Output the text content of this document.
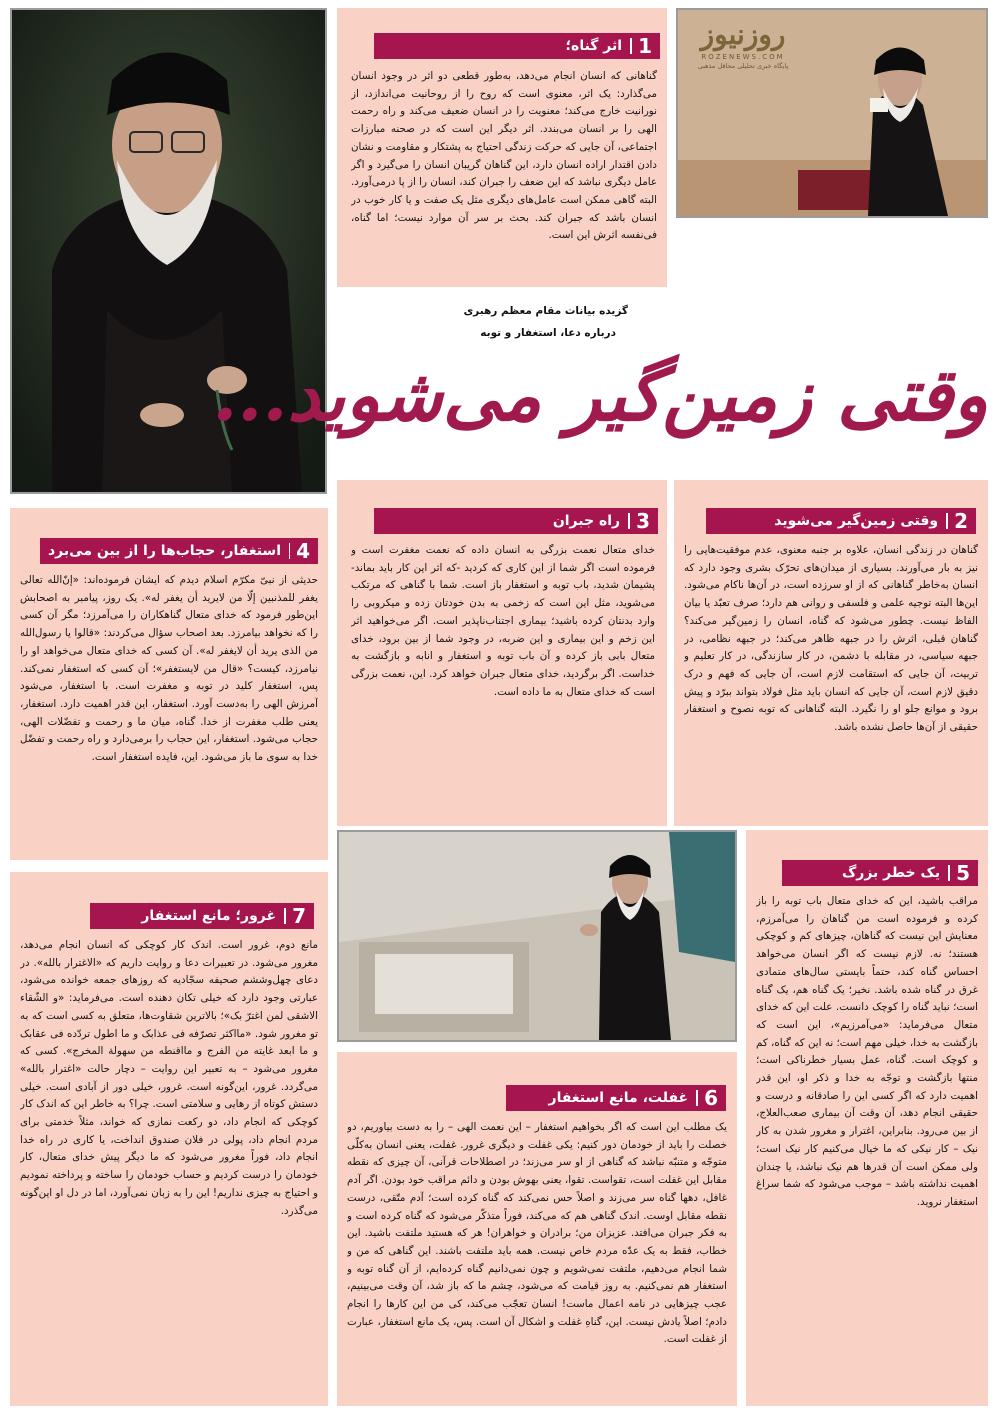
روزنیوز
ROZENEWS.COM
پایگاه خبری تحلیلی محافل مذهبی
1
اثر گناه؛
گناهانی که انسان انجام می‌دهد، به‌طور قطعی دو اثر در وجود انسان می‌گذارد: یک اثر، معنوی است که روح را از روحانیت می‌اندازد، از نورانیت خارج می‌کند؛ معنویت را در انسان ضعیف می‌کند و راه رحمت الهی را بر انسان می‌بندد. اثر دیگر این است که در صحنه مبارزات اجتماعی، آن جایی که حرکت زندگی احتیاج به پشتکار و مقاومت و نشان دادن اقتدار اراده انسان دارد، این گناهان گریبان انسان را می‌گیرد و اگر عامل دیگری نباشد که این ضعف را جبران کند، انسان را از پا درمی‌آورد. البته گاهی ممکن است عامل‌های دیگری مثل یک صفت و یا کار خوب در انسان باشد که جبران کند. بحث بر سر آن موارد نیست؛ اما گناه، فی‌نفسه اثرش این است.
گزیده بیانات مقام معظم رهبری
درباره دعا، استغفار و توبه
وقتی زمین‌گیر می‌شوید...
2
وقتی زمین‌گیر می‌شوید
گناهان در زندگی انسان، علاوه بر جنبه معنوی، عدم موفقیت‌هایی را نیز به بار می‌آورند. بسیاری از میدان‌های تحرّک بشری وجود دارد که انسان به‌خاطر گناهانی که از او سرزده است، در آن‌ها ناکام می‌شود. این‌ها البته توجیه علمی و فلسفی و روانی هم دارد؛ صرف تعبّد یا بیان الفاظ نیست. چطور می‌شود که گناه، انسان را زمین‌گیر می‌کند؟ گناهان قبلی، اثرش را در جبهه ظاهر می‌کند؛ در جبهه نظامی، در جبهه سیاسی، در مقابله با دشمن، در کار سازندگی، در کار تعلیم و تربیت، آن جایی که استقامت لازم است، آن جایی که فهم و درک دقیق لازم است، آن جایی که انسان باید مثل فولاد بتواند ببرّد و پیش برود و موانع جلو او را نگیرد. البته گناهانی که توبه نصوح و استغفار حقیقی از آن‌ها حاصل نشده باشد.
3
راه جبران
خدای متعال نعمت بزرگی به انسان داده که نعمت مغفرت است و فرموده است اگر شما از این کاری که کردید -که اثر این کار باید بماند- پشیمان شدید، باب توبه و استغفار باز است. شما با گناهی که مرتکب می‌شوید، مثل این است که زخمی به بدن خودتان زده و میکروبی را وارد بدنتان کرده باشید؛ بیماری اجتناب‌ناپذیر است. اگر می‌خواهید اثر این زخم و این بیماری و این ضربه، در وجود شما از بین برود، خدای متعال بابی باز کرده و آن باب توبه و استغفار و انابه و بازگشت به خداست. اگر برگردید، خدای متعال جبران خواهد کرد. این، نعمت بزرگی است که خدای متعال به ما داده است.
4
استغفار، حجاب‌ها را از بین می‌برد
حدیثی از نبیّ مکرّم اسلام دیدم که ایشان فرموده‌اند: «إنّ‌الله تعالی یغفر للمذنبین إلّا من لایرید أن یغفر له». یک روز، پیامبر به اصحابش این‌طور فرمود که خدای متعال گناهکاران را می‌آمرزد؛ مگر آن کسی را که نخواهد بیامرزد. بعد اصحاب سؤال می‌کردند: «قالوا یا رسول‌الله من الذی یرید أن لایغفر له». آن کسی که خدای متعال می‌خواهد او را نیامرزد، کیست؟ «قال من لایستغفر»؛ آن کسی که استغفار نمی‌کند. پس، استغفار کلید در توبه و مغفرت است. با استغفار، می‌شود آمرزش الهی را به‌دست آورد. استغفار، این قدر اهمیت دارد. استغفار، یعنی طلب مغفرت از خدا. گناه، میان ما و رحمت و تفضّلات الهی، حجاب می‌شود. استغفار، این حجاب را برمی‌دارد و راه رحمت و تفضّل خدا به سوی ما باز می‌شود. این، فایده استغفار است.
5
یک خطر بزرگ
مراقب باشید، این که خدای متعال باب توبه را باز کرده و فرموده است من گناهان را می‌آمرزم، معنایش این نیست که گناهان، چیزهای کم و کوچکی هستند؛ نه. لازم نیست که اگر انسان می‌خواهد احساس گناه کند، حتماً بایستی سال‌های متمادی غرق در گناه شده باشد. نخیر؛ یک گناه هم، یک گناه است؛ نباید گناه را کوچک دانست. علت این که خدای متعال می‌فرماید: «می‌آمرزیم»، این است که بازگشت به خدا، خیلی مهم است؛ نه این که گناه، کم و کوچک است. گناه، عمل بسیار خطرناکی است؛ منتها بازگشت و توجّه به خدا و ذکر او، این قدر اهمیت دارد که اگر کسی این را صادقانه و درست و حقیقی انجام دهد، آن وقت آن بیماری صعب‌العلاج، از بین می‌رود. بنابراین، اغترار و مغرور شدن به کار نیک – کار نیکی که ما خیال می‌کنیم کار نیک است؛ ولی ممکن است آن قدرها هم نیک نباشد، یا چندان اهمیت نداشته باشد – موجب می‌شود که شما سراغ استغفار نروید.
6
غفلت، مانع استغفار
یک مطلب این است که اگر بخواهیم استغفار – این نعمت الهی – را به دست بیاوریم، دو خصلت را باید از خودمان دور کنیم: یکی غفلت و دیگری غرور. غفلت، یعنی انسان به‌کلّی متوجّه و متنبّه نباشد که گناهی از او سر می‌زند؛ در اصطلاحات قرآنی، آن چیزی که نقطه مقابل این غفلت است، تقواست. تقوا، یعنی بهوش بودن و دائم مراقب خود بودن. اگر آدم غافل، دهها گناه سر می‌زند و اصلاً حس نمی‌کند که گناه کرده است؛ آدم متّقی، درست نقطه مقابل اوست. اندک گناهی هم که می‌کند، فوراً متذکّر می‌شود که گناه کرده است و به فکر جبران می‌افتد. عزیزان من؛ برادران و خواهران! هر که هستید ملتفت باشید. این خطاب، فقط به یک عدّه مردم خاص نیست. همه باید ملتفت باشند. این گناهی که من و شما انجام می‌دهیم، ملتفت نمی‌شویم و چون نمی‌دانیم گناه کرده‌ایم، از آن گناه توبه و استغفار هم نمی‌کنیم. به روز قیامت که می‌شود، چشم ما که باز شد، آن وقت می‌بینیم، عجب چیزهایی در نامه اعمال ماست! انسان تعجّب می‌کند، کی من این کارها را انجام دادم؛ اصلاً یادش نیست. این، گناهِ غفلت و اشکال آن است. پس، یک مانع استغفار، عبارت از غفلت است.
7
غرور؛ مانع استغفار
مانع دوم، غرور است. اندک کار کوچکی که انسان انجام می‌دهد، مغرور می‌شود. در تعبیرات دعا و روایت داریم که «الاغترار بالله». در دعای چهل‌وششم صحیفه سجّادیه که روزهای جمعه خوانده می‌شود، عبارتی وجود دارد که خیلی تکان دهنده است. می‌فرماید: «و الشّقاء الاشقی لمن اغترّ بک»؛ بالاترین شقاوت‌ها، متعلق به کسی است که به تو مغرور شود. «مااکثر تصرّفه فی عذابک و ما اطول تردّده فی عقابک و ما ابعد غایته من الفرج و مااقنطه من سهولة المخرج». کسی که مغرور می‌شود – به تعبیر این روایت – دچار حالت «اغترار بالله» می‌گردد. غرور، این‌گونه است. غرور، خیلی دور از آبادی است. خیلی دستش کوتاه از رهایی و سلامتی است. چرا؟ به خاطر این که اندک کار کوچکی که انجام داد، دو رکعت نمازی که خواند، مثلاً خدمتی برای مردم انجام داد، پولی در فلان صندوق انداخت، یا کاری در راه خدا انجام داد، فوراً مغرور می‌شود که ما دیگر پیش خدای متعال، کار خودمان را درست کردیم و حساب خودمان را ساخته و پرداخته نمودیم و احتیاج به چیزی نداریم! این را به زبان نمی‌آورد، اما در دل او این‌گونه می‌گذرد.
